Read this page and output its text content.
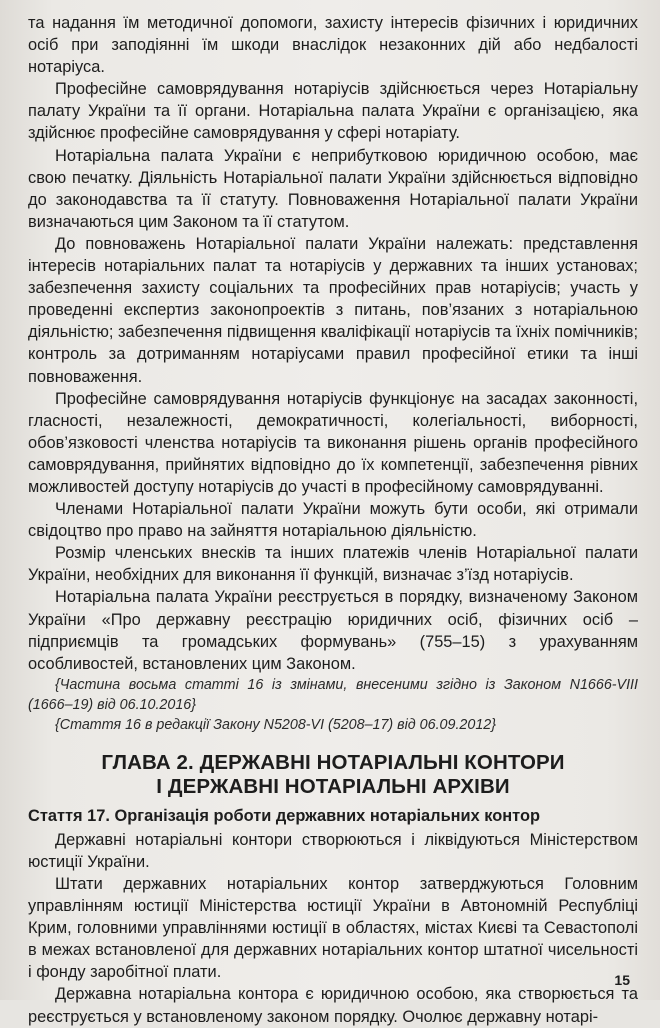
та надання їм методичної допомоги, захисту інтересів фізичних і юридичних осіб при заподіянні їм шкоди внаслідок незаконних дій або недбалості нотаріуса.

Професійне самоврядування нотаріусів здійснюється через Нотаріальну палату України та її органи. Нотаріальна палата України є організацією, яка здійснює професійне самоврядування у сфері нотаріату.

Нотаріальна палата України є неприбутковою юридичною особою, має свою печатку. Діяльність Нотаріальної палати України здійснюється відповідно до законодавства та її статуту. Повноваження Нотаріальної палати України визначаються цим Законом та її статутом.

До повноважень Нотаріальної палати України належать: представлення інтересів нотаріальних палат та нотаріусів у державних та інших установах; забезпечення захисту соціальних та професійних прав нотаріусів; участь у проведенні експертиз законопроектів з питань, пов’язаних з нотаріальною діяльністю; забезпечення підвищення кваліфікації нотаріусів та їхніх помічників; контроль за дотриманням нотаріусами правил професійної етики та інші повноваження.

Професійне самоврядування нотаріусів функціонує на засадах законності, гласності, незалежності, демократичності, колегіальності, виборності, обов’язковості членства нотаріусів та виконання рішень органів професійного самоврядування, прийнятих відповідно до їх компетенції, забезпечення рівних можливостей доступу нотаріусів до участі в професійному самоврядуванні.

Членами Нотаріальної палати України можуть бути особи, які отримали свідоцтво про право на зайняття нотаріальною діяльністю.

Розмір членських внесків та інших платежів членів Нотаріальної палати України, необхідних для виконання її функцій, визначає з’їзд нотаріусів.

Нотаріальна палата України реєструється в порядку, визначеному Законом України «Про державну реєстрацію юридичних осіб, фізичних осіб – підприємців та громадських формувань» (755–15) з урахуванням особливостей, встановлених цим Законом.

{Частина восьма статті 16 із змінами, внесеними згідно із Законом N1666-VIII (1666–19) від 06.10.2016}

{Стаття 16 в редакції Закону N5208-VI (5208–17) від 06.09.2012}

ГЛАВА 2. ДЕРЖАВНІ НОТАРІАЛЬНІ КОНТОРИ
І ДЕРЖАВНІ НОТАРІАЛЬНІ АРХІВИ
Стаття 17. Організація роботи державних нотаріальних контор

Державні нотаріальні контори створюються і ліквідуються Міністерством юстиції України.

Штати державних нотаріальних контор затверджуються Головним управлінням юстиції Міністерства юстиції України в Автономній Республіці Крим, головними управліннями юстиції в областях, містах Києві та Севастополі в межах встановленої для державних нотаріальних контор штатної чисельності і фонду заробітної плати.

Державна нотаріальна контора є юридичною особою, яка створюється та реєструється у встановленому законом порядку. Очолює державну нотарі-

15
